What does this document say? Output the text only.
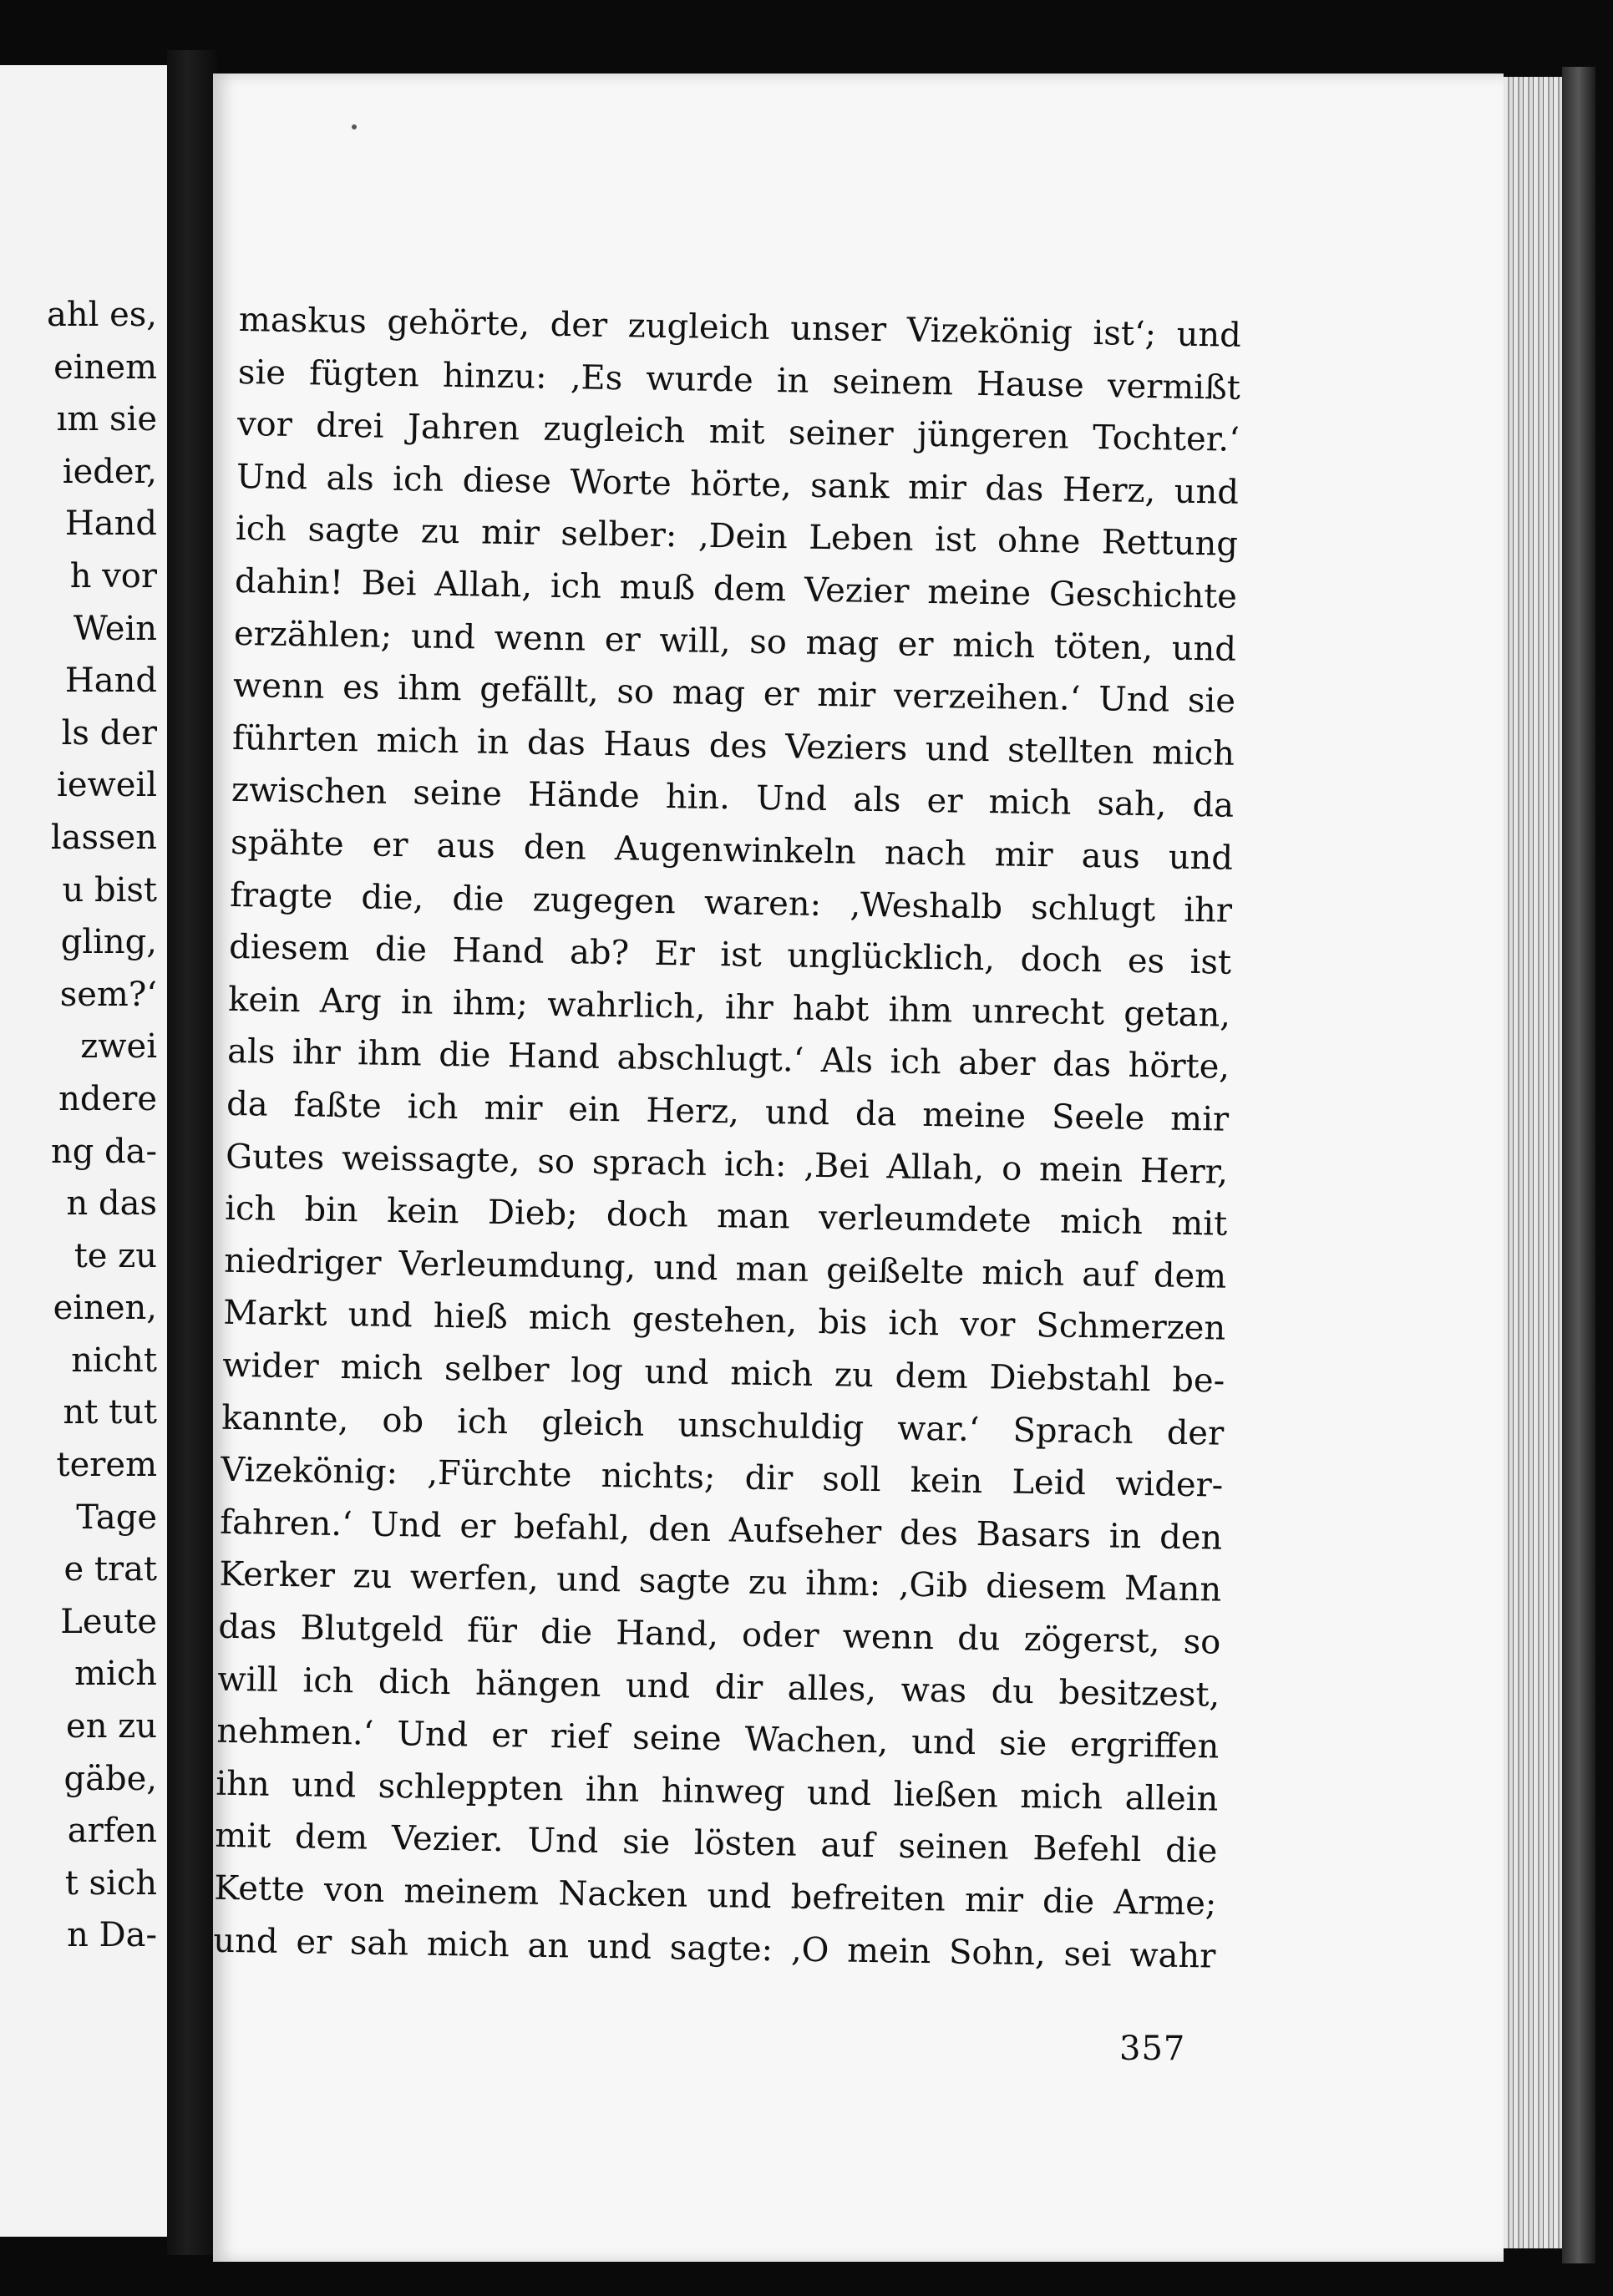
ahl es,
einem
ım sie
ieder,
Hand
h vor
Wein
Hand
ls der
ieweil
lassen
u bist
gling,
sem?‘
zwei
ndere
ng da-
n das
te zu
einen,
nicht
nt tut
terem
Tage
e trat
Leute
mich
en zu
gäbe,
arfen
t sich
n Da-
maskus gehörte, der zugleich unser Vizekönig ist‘; und
sie fügten hinzu: ‚Es wurde in seinem Hause vermißt
vor drei Jahren zugleich mit seiner jüngeren Tochter.‘
Und als ich diese Worte hörte, sank mir das Herz, und
ich sagte zu mir selber: ‚Dein Leben ist ohne Rettung
dahin! Bei Allah, ich muß dem Vezier meine Geschichte
erzählen; und wenn er will, so mag er mich töten, und
wenn es ihm gefällt, so mag er mir verzeihen.‘ Und sie
führten mich in das Haus des Veziers und stellten mich
zwischen seine Hände hin. Und als er mich sah, da
spähte er aus den Augenwinkeln nach mir aus und
fragte die, die zugegen waren: ‚Weshalb schlugt ihr
diesem die Hand ab? Er ist unglücklich, doch es ist
kein Arg in ihm; wahrlich, ihr habt ihm unrecht getan,
als ihr ihm die Hand abschlugt.‘ Als ich aber das hörte,
da faßte ich mir ein Herz, und da meine Seele mir
Gutes weissagte, so sprach ich: ‚Bei Allah, o mein Herr,
ich bin kein Dieb; doch man verleumdete mich mit
niedriger Verleumdung, und man geißelte mich auf dem
Markt und hieß mich gestehen, bis ich vor Schmerzen
wider mich selber log und mich zu dem Diebstahl be-
kannte, ob ich gleich unschuldig war.‘ Sprach der
Vizekönig: ‚Fürchte nichts; dir soll kein Leid wider-
fahren.‘ Und er befahl, den Aufseher des Basars in den
Kerker zu werfen, und sagte zu ihm: ‚Gib diesem Mann
das Blutgeld für die Hand, oder wenn du zögerst, so
will ich dich hängen und dir alles, was du besitzest,
nehmen.‘ Und er rief seine Wachen, und sie ergriffen
ihn und schleppten ihn hinweg und ließen mich allein
mit dem Vezier. Und sie lösten auf seinen Befehl die
Kette von meinem Nacken und befreiten mir die Arme;
und er sah mich an und sagte: ‚O mein Sohn, sei wahr
357
